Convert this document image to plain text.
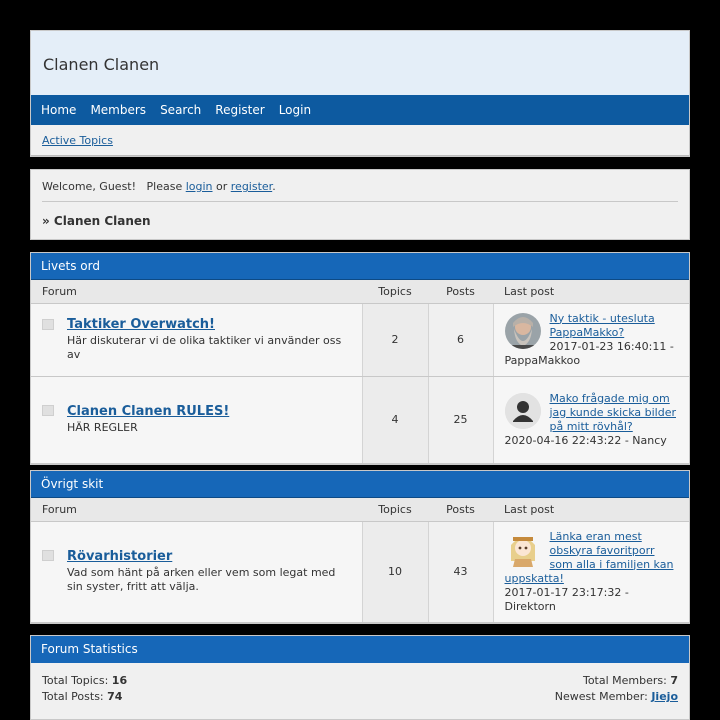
Clanen Clanen
Home	Members	Search	Register	Login
Active Topics
Welcome, Guest!   Please login or register.
» Clanen Clanen
Livets ord
Forum	Topics	Posts	Last post

Taktiker Overwatch!
Här diskuterar vi de olika taktiker vi använder oss av	2	6	Ny taktik - utesluta PappaMakko?
2017-01-23 16:40:11 - PappaMakkoo

Clanen Clanen RULES!
HÄR REGLER	4	25	Mako frågade mig om jag kunde skicka bilder på mitt rövhål?
2020-04-16 22:43:22 - Nancy
Övrigt skit
Forum	Topics	Posts	Last post

Rövarhistorier
Vad som hänt på arken eller vem som legat med sin syster, fritt att välja.	10	43	Länka eran mest obskyra favoritporr som alla i familjen kan uppskatta!
2017-01-17 23:17:32 - Direktorn
Forum Statistics
Total Topics: 16
Total Posts: 74
Total Members: 7
Newest Member: Jiejo
